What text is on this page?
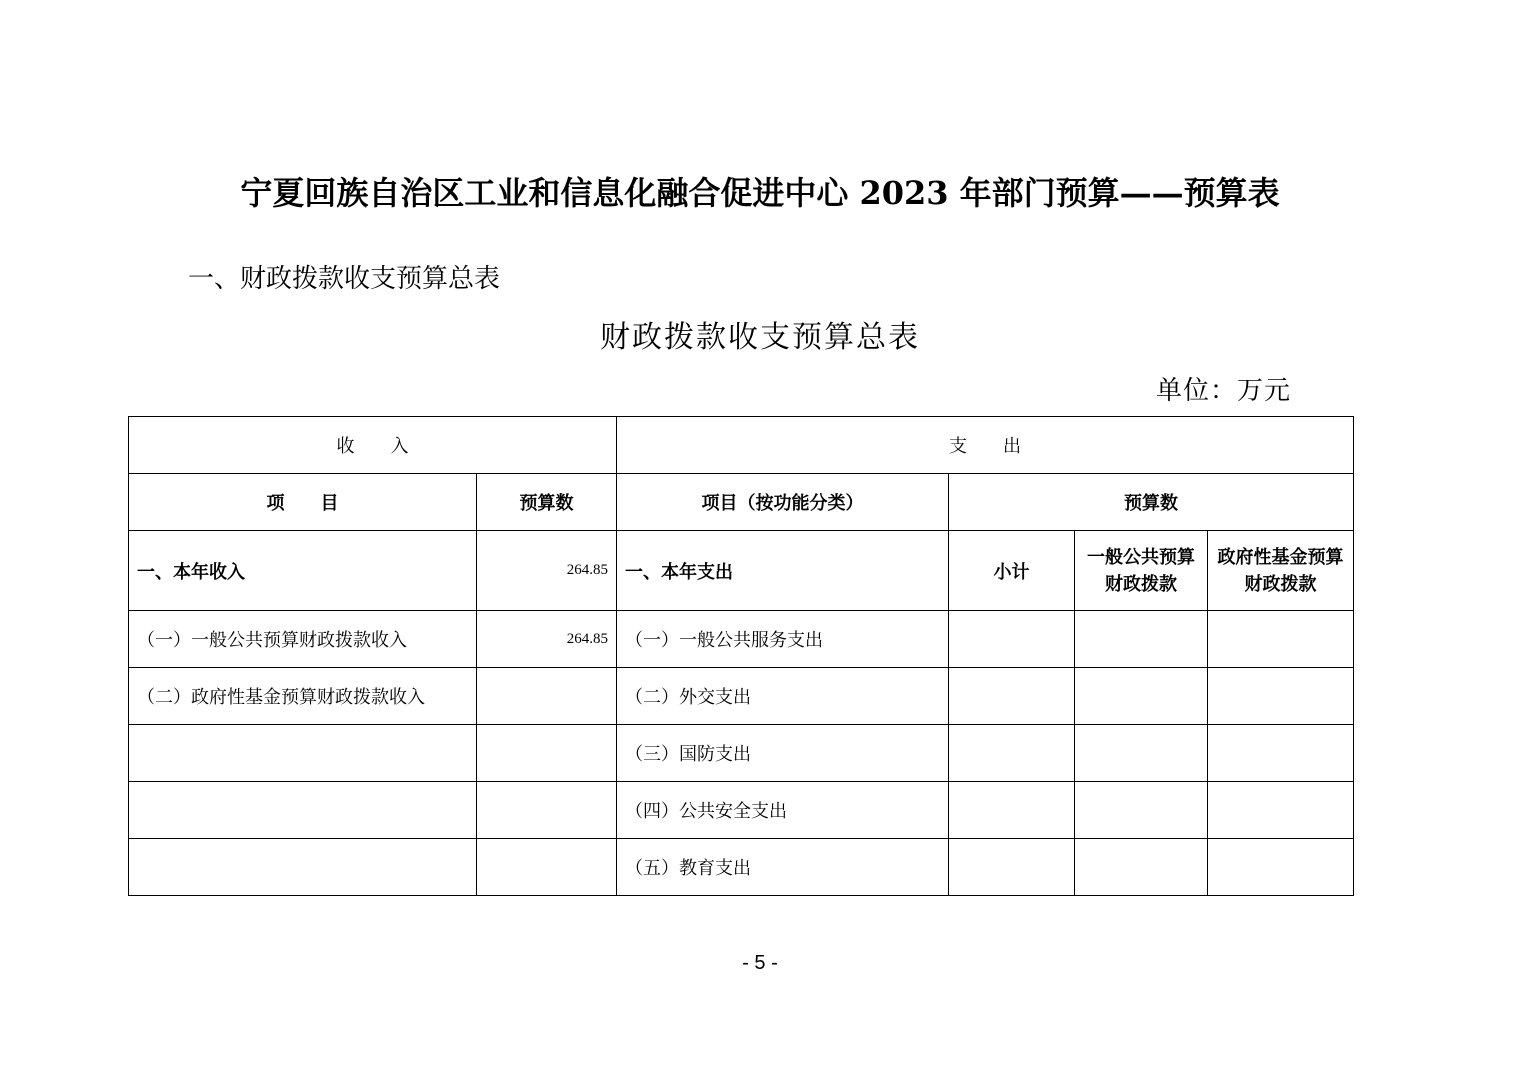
宁夏回族自治区工业和信息化融合促进中心 2023 年部门预算——预算表
一、财政拨款收支预算总表
财政拨款收支预算总表
单位：万元
收　　入		支　　出			
项　　目	预算数	项目（按功能分类）	预算数		
一、本年收入	264.85	一、本年支出	小计	一般公共预算财政拨款	政府性基金预算财政拨款
（一）一般公共预算财政拨款收入	264.85	（一）一般公共服务支出			
（二）政府性基金预算财政拨款收入		（二）外交支出			
		（三）国防支出			
		（四）公共安全支出			
		（五）教育支出			
- 5 -
